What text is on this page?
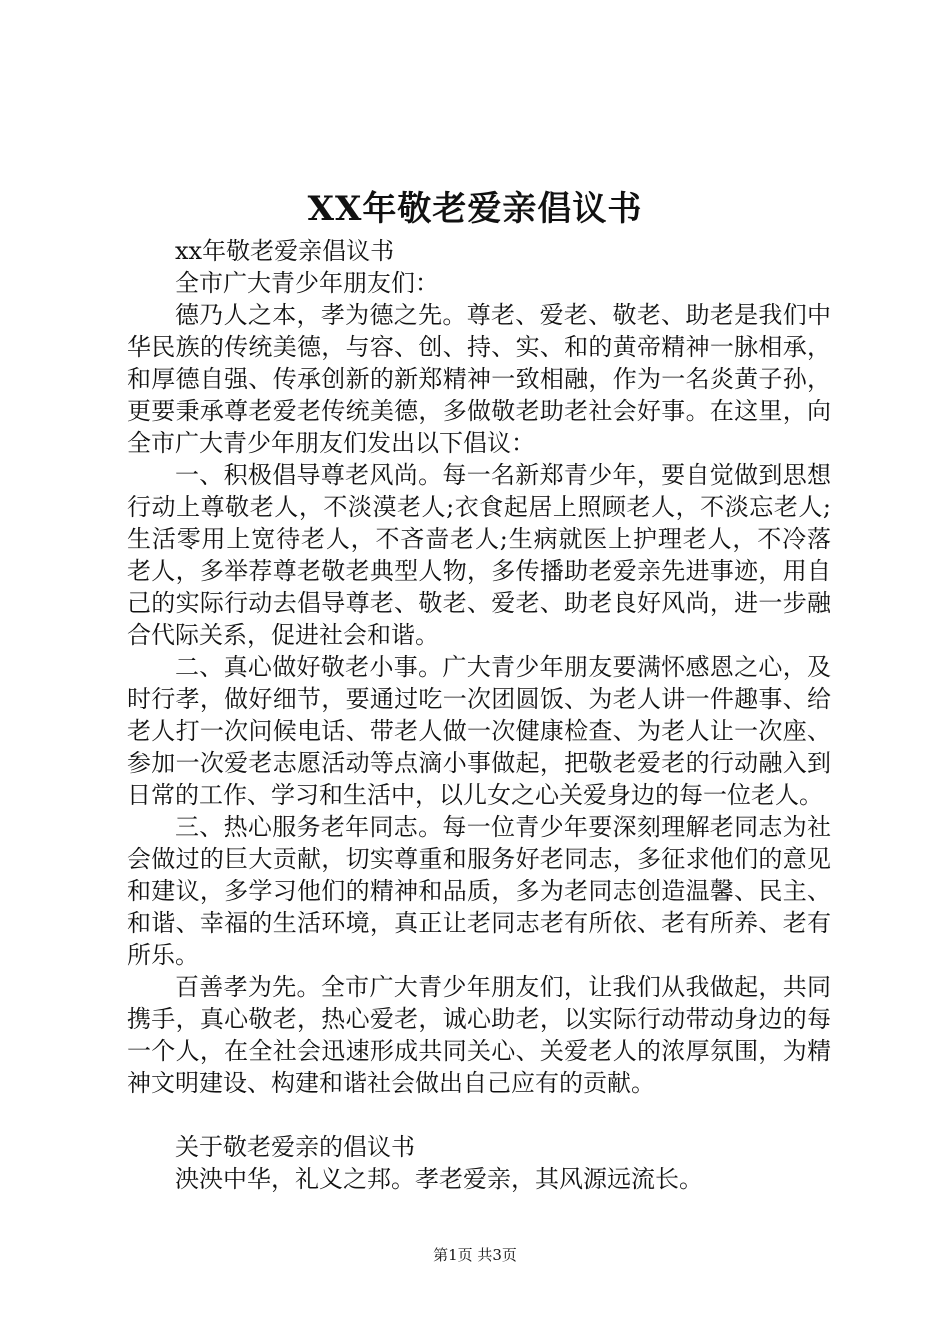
XX年敬老爱亲倡议书

xx年敬老爱亲倡议书

全市广大青少年朋友们：

德乃人之本，孝为德之先。尊老、爱老、敬老、助老是我们中华民族的传统美德，与容、创、持、实、和的黄帝精神一脉相承，和厚德自强、传承创新的新郑精神一致相融，作为一名炎黄子孙，更要秉承尊老爱老传统美德，多做敬老助老社会好事。在这里，向全市广大青少年朋友们发出以下倡议：

一、积极倡导尊老风尚。每一名新郑青少年，要自觉做到思想行动上尊敬老人，不淡漠老人;衣食起居上照顾老人，不淡忘老人;生活零用上宽待老人，不吝啬老人;生病就医上护理老人，不冷落老人，多举荐尊老敬老典型人物，多传播助老爱亲先进事迹，用自己的实际行动去倡导尊老、敬老、爱老、助老良好风尚，进一步融合代际关系，促进社会和谐。

二、真心做好敬老小事。广大青少年朋友要满怀感恩之心，及时行孝，做好细节，要通过吃一次团圆饭、为老人讲一件趣事、给老人打一次问候电话、带老人做一次健康检查、为老人让一次座、参加一次爱老志愿活动等点滴小事做起，把敬老爱老的行动融入到日常的工作、学习和生活中，以儿女之心关爱身边的每一位老人。

三、热心服务老年同志。每一位青少年要深刻理解老同志为社会做过的巨大贡献，切实尊重和服务好老同志，多征求他们的意见和建议，多学习他们的精神和品质，多为老同志创造温馨、民主、和谐、幸福的生活环境，真正让老同志老有所依、老有所养、老有所乐。

百善孝为先。全市广大青少年朋友们，让我们从我做起，共同携手，真心敬老，热心爱老，诚心助老，以实际行动带动身边的每一个人，在全社会迅速形成共同关心、关爱老人的浓厚氛围，为精神文明建设、构建和谐社会做出自己应有的贡献。

关于敬老爱亲的倡议书

泱泱中华，礼义之邦。孝老爱亲，其风源远流长。

第1页 共3页
